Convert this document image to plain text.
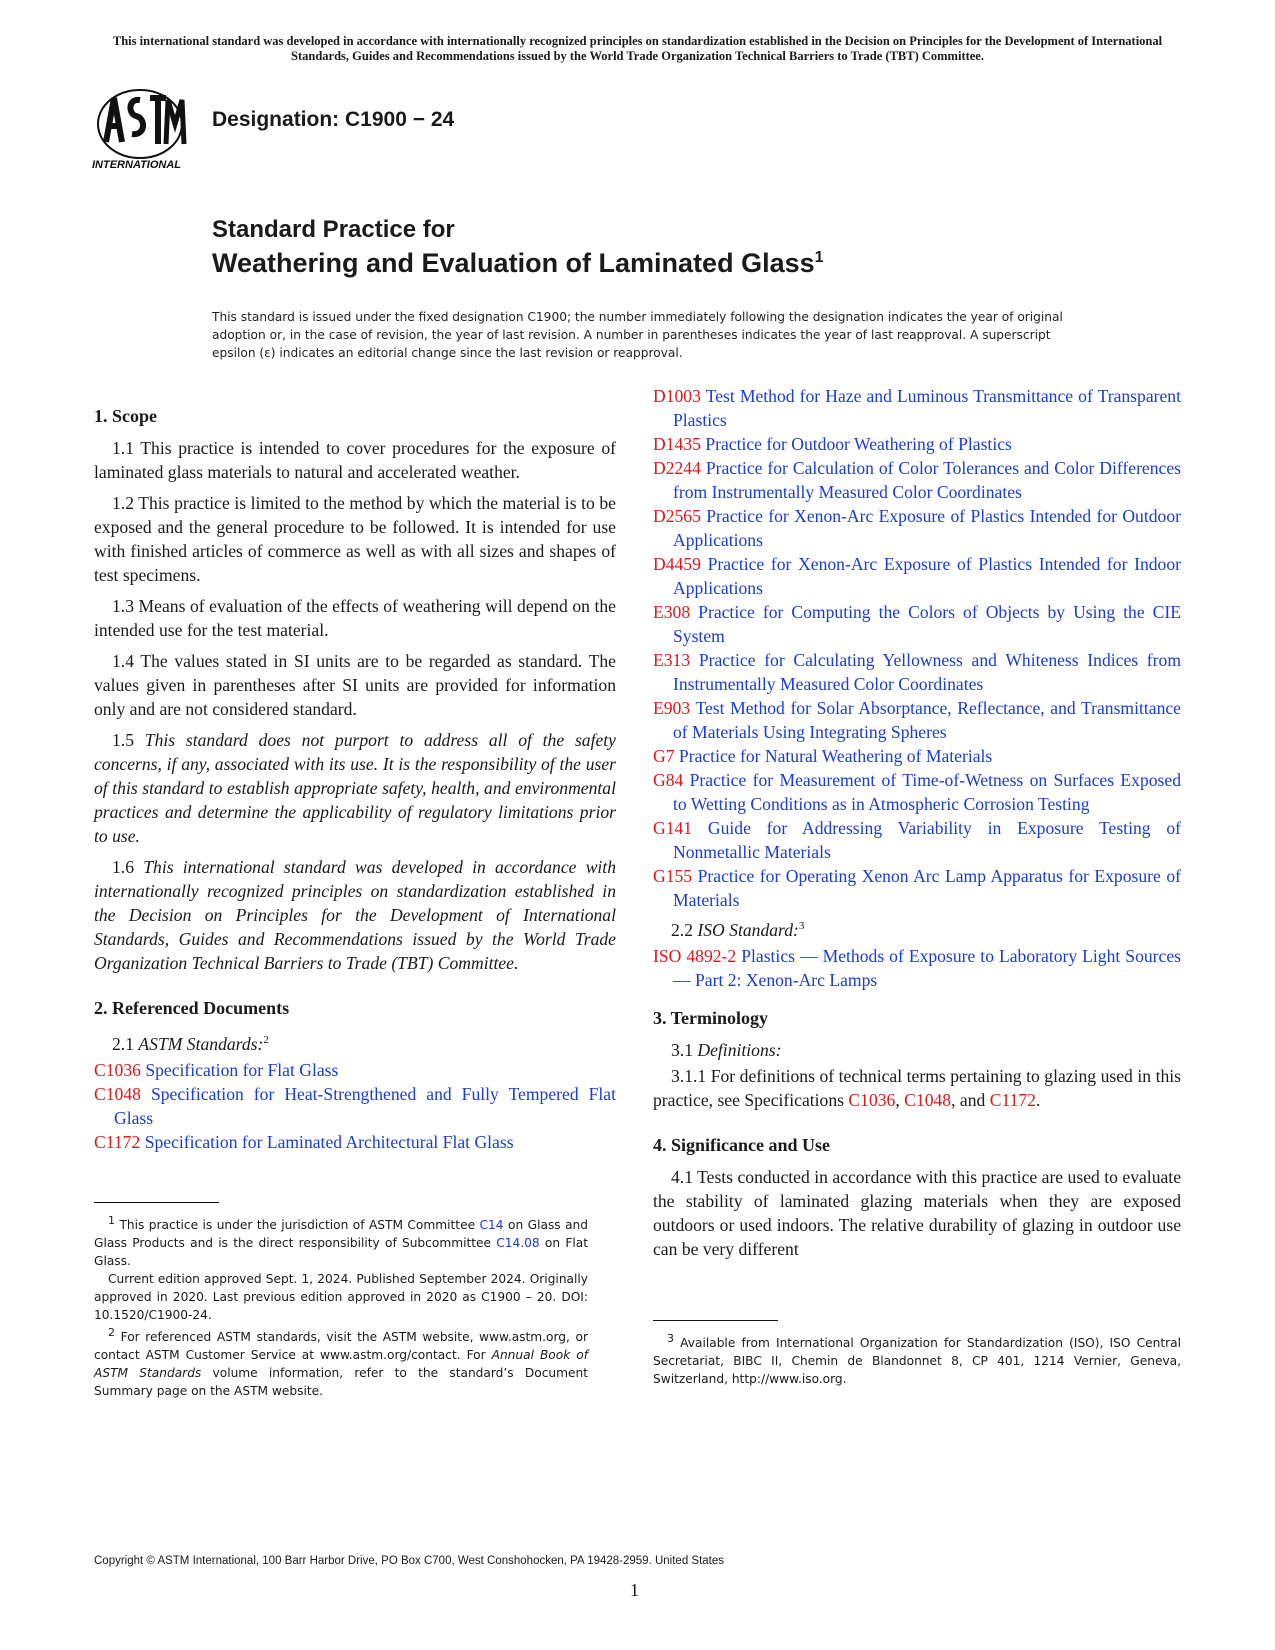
This international standard was developed in accordance with internationally recognized principles on standardization established in the Decision on Principles for the Development of International Standards, Guides and Recommendations issued by the World Trade Organization Technical Barriers to Trade (TBT) Committee.
INTERNATIONAL
Designation: C1900 − 24
Standard Practice for
Weathering and Evaluation of Laminated Glass$^1$
This standard is issued under the fixed designation C1900; the number immediately following the designation indicates the year of original adoption or, in the case of revision, the year of last revision. A number in parentheses indicates the year of last reapproval. A superscript epsilon (ε) indicates an editorial change since the last revision or reapproval.
1. Scope

1.1 This practice is intended to cover procedures for the exposure of laminated glass materials to natural and accelerated weather.

1.2 This practice is limited to the method by which the material is to be exposed and the general procedure to be followed. It is intended for use with finished articles of commerce as well as with all sizes and shapes of test specimens.

1.3 Means of evaluation of the effects of weathering will depend on the intended use for the test material.

1.4 The values stated in SI units are to be regarded as standard. The values given in parentheses after SI units are provided for information only and are not considered standard.

1.5 This standard does not purport to address all of the safety concerns, if any, associated with its use. It is the responsibility of the user of this standard to establish appropriate safety, health, and environmental practices and determine the applicability of regulatory limitations prior to use.

1.6 This international standard was developed in accordance with internationally recognized principles on standardization established in the Decision on Principles for the Development of International Standards, Guides and Recommendations issued by the World Trade Organization Technical Barriers to Trade (TBT) Committee.

2. Referenced Documents
2.1 ASTM Standards:$^2$
C1036 Specification for Flat Glass
C1048 Specification for Heat-Strengthened and Fully Tempered Flat Glass
C1172 Specification for Laminated Architectural Flat Glass

$^1$ This practice is under the jurisdiction of ASTM Committee C14 on Glass and Glass Products and is the direct responsibility of Subcommittee C14.08 on Flat Glass.

Current edition approved Sept. 1, 2024. Published September 2024. Originally approved in 2020. Last previous edition approved in 2020 as C1900 – 20. DOI: 10.1520/C1900-24.

$^2$ For referenced ASTM standards, visit the ASTM website, www.astm.org, or contact ASTM Customer Service at www.astm.org/contact. For Annual Book of ASTM Standards volume information, refer to the standard’s Document Summary page on the ASTM website.

D1003 Test Method for Haze and Luminous Transmittance of Transparent Plastics
D1435 Practice for Outdoor Weathering of Plastics
D2244 Practice for Calculation of Color Tolerances and Color Differences from Instrumentally Measured Color Coordinates
D2565 Practice for Xenon-Arc Exposure of Plastics Intended for Outdoor Applications
D4459 Practice for Xenon-Arc Exposure of Plastics Intended for Indoor Applications
E308 Practice for Computing the Colors of Objects by Using the CIE System
E313 Practice for Calculating Yellowness and Whiteness Indices from Instrumentally Measured Color Coordinates
E903 Test Method for Solar Absorptance, Reflectance, and Transmittance of Materials Using Integrating Spheres
G7 Practice for Natural Weathering of Materials
G84 Practice for Measurement of Time-of-Wetness on Surfaces Exposed to Wetting Conditions as in Atmospheric Corrosion Testing
G141 Guide for Addressing Variability in Exposure Testing of Nonmetallic Materials
G155 Practice for Operating Xenon Arc Lamp Apparatus for Exposure of Materials
2.2 ISO Standard:$^3$
ISO 4892-2 Plastics — Methods of Exposure to Laboratory Light Sources — Part 2: Xenon-Arc Lamps
3. Terminology
3.1 Definitions:

3.1.1 For definitions of technical terms pertaining to glazing used in this practice, see Specifications C1036, C1048, and C1172.

4. Significance and Use

4.1 Tests conducted in accordance with this practice are used to evaluate the stability of laminated glazing materials when they are exposed outdoors or used indoors. The relative durability of glazing in outdoor use can be very different

$^3$ Available from International Organization for Standardization (ISO), ISO Central Secretariat, BIBC II, Chemin de Blandonnet 8, CP 401, 1214 Vernier, Geneva, Switzerland, http://www.iso.org.

Copyright © ASTM International, 100 Barr Harbor Drive, PO Box C700, West Conshohocken, PA 19428-2959. United States
1
